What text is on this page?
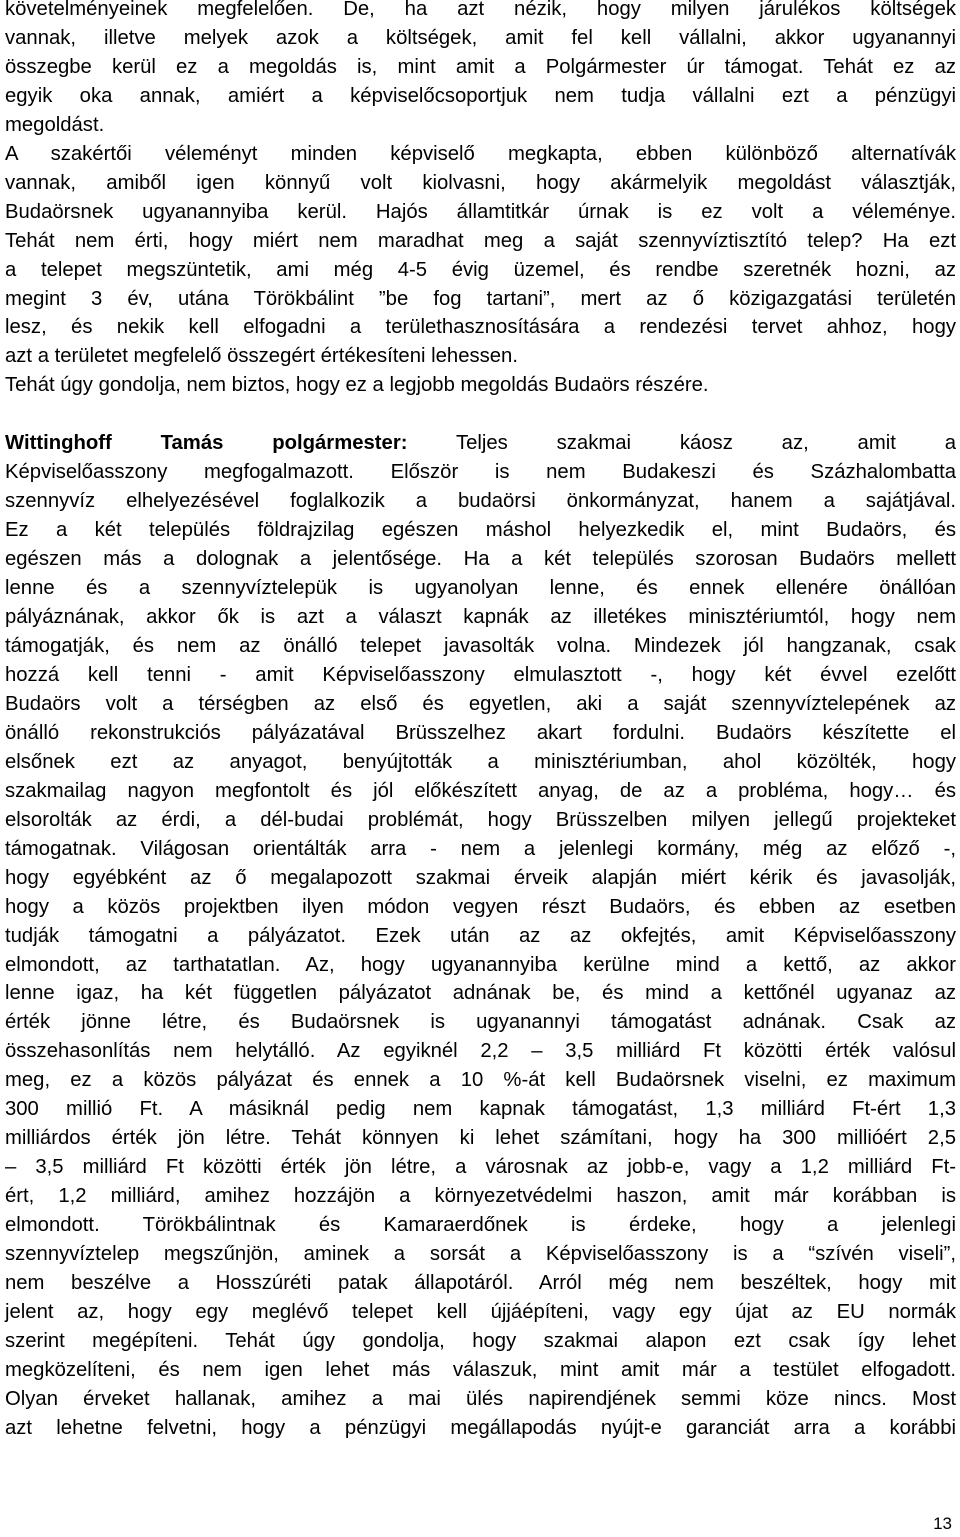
követelményeinek megfelelően. De, ha azt nézik, hogy milyen járulékos költségek
vannak, illetve melyek azok a költségek, amit fel kell vállalni, akkor ugyanannyi
összegbe kerül ez a megoldás is, mint amit a Polgármester úr támogat. Tehát ez az
egyik oka annak, amiért a képviselőcsoportjuk nem tudja vállalni ezt a pénzügyi
megoldást.
A szakértői véleményt minden képviselő megkapta, ebben különböző alternatívák
vannak, amiből igen könnyű volt kiolvasni, hogy akármelyik megoldást választják,
Budaörsnek ugyanannyiba kerül. Hajós államtitkár úrnak is ez volt a véleménye.
Tehát nem érti, hogy miért nem maradhat meg a saját szennyvíztisztító telep? Ha ezt
a telepet megszüntetik, ami még 4-5 évig üzemel, és rendbe szeretnék hozni, az
megint 3 év, utána Törökbálint ”be fog tartani”, mert az ő közigazgatási területén
lesz, és nekik kell elfogadni a területhasznosítására a rendezési tervet ahhoz, hogy
azt a területet megfelelő összegért értékesíteni lehessen.
Tehát úgy gondolja, nem biztos, hogy ez a legjobb megoldás Budaörs részére.
Wittinghoff Tamás polgármester: Teljes szakmai káosz az, amit a
Képviselőasszony megfogalmazott. Először is nem Budakeszi és Százhalombatta
szennyvíz elhelyezésével foglalkozik a budaörsi önkormányzat, hanem a sajátjával.
Ez a két település földrajzilag egészen máshol helyezkedik el, mint Budaörs, és
egészen más a dolognak a jelentősége. Ha a két település szorosan Budaörs mellett
lenne és a szennyvíztelepük is ugyanolyan lenne, és ennek ellenére önállóan
pályáznának, akkor ők is azt a választ kapnák az illetékes minisztériumtól, hogy nem
támogatják, és nem az önálló telepet javasolták volna. Mindezek jól hangzanak, csak
hozzá kell tenni - amit Képviselőasszony elmulasztott -, hogy két évvel ezelőtt
Budaörs volt a térségben az első és egyetlen, aki a saját szennyvíztelepének az
önálló rekonstrukciós pályázatával Brüsszelhez akart fordulni. Budaörs készítette el
elsőnek ezt az anyagot, benyújtották a minisztériumban, ahol közölték, hogy
szakmailag nagyon megfontolt és jól előkészített anyag, de az a probléma, hogy… és
elsorolták az érdi, a dél-budai problémát, hogy Brüsszelben milyen jellegű projekteket
támogatnak. Világosan orientálták arra - nem a jelenlegi kormány, még az előző -,
hogy egyébként az ő megalapozott szakmai érveik alapján miért kérik és javasolják,
hogy a közös projektben ilyen módon vegyen részt Budaörs, és ebben az esetben
tudják támogatni a pályázatot. Ezek után az az okfejtés, amit Képviselőasszony
elmondott, az tarthatatlan. Az, hogy ugyanannyiba kerülne mind a kettő, az akkor
lenne igaz, ha két független pályázatot adnának be, és mind a kettőnél ugyanaz az
érték jönne létre, és Budaörsnek is ugyanannyi támogatást adnának. Csak az
összehasonlítás nem helytálló. Az egyiknél 2,2 – 3,5 milliárd Ft közötti érték valósul
meg, ez a közös pályázat és ennek a 10 %-át kell Budaörsnek viselni, ez maximum
300 millió Ft. A másiknál pedig nem kapnak támogatást, 1,3 milliárd Ft-ért 1,3
milliárdos érték jön létre. Tehát könnyen ki lehet számítani, hogy ha 300 millióért 2,5
– 3,5 milliárd Ft közötti érték jön létre, a városnak az jobb-e, vagy a 1,2 milliárd Ft-
ért, 1,2 milliárd, amihez hozzájön a környezetvédelmi haszon, amit már korábban is
elmondott. Törökbálintnak és Kamaraerdőnek is érdeke, hogy a jelenlegi
szennyvíztelep megszűnjön, aminek a sorsát a Képviselőasszony is a “szívén viseli”,
nem beszélve a Hosszúréti patak állapotáról. Arról még nem beszéltek, hogy mit
jelent az, hogy egy meglévő telepet kell újjáépíteni, vagy egy újat az EU normák
szerint megépíteni. Tehát úgy gondolja, hogy szakmai alapon ezt csak így lehet
megközelíteni, és nem igen lehet más válaszuk, mint amit már a testület elfogadott.
Olyan érveket hallanak, amihez a mai ülés napirendjének semmi köze nincs. Most
azt lehetne felvetni, hogy a pénzügyi megállapodás nyújt-e garanciát arra a korábbi
13
